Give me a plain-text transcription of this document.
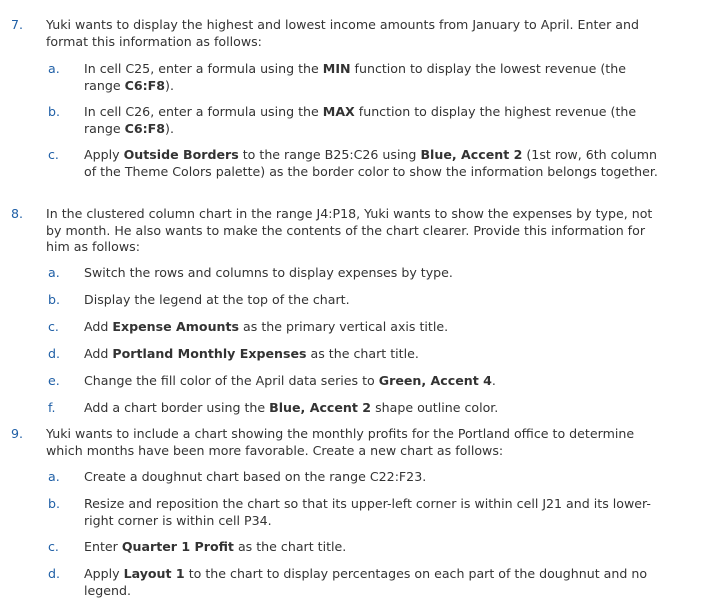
7. Yuki wants to display the highest and lowest income amounts from January to April. Enter and format this information as follows:
a. In cell C25, enter a formula using the MIN function to display the lowest revenue (the range C6:F8).
b. In cell C26, enter a formula using the MAX function to display the highest revenue (the range C6:F8).
c. Apply Outside Borders to the range B25:C26 using Blue, Accent 2 (1st row, 6th column of the Theme Colors palette) as the border color to show the information belongs together.
8. In the clustered column chart in the range J4:P18, Yuki wants to show the expenses by type, not by month. He also wants to make the contents of the chart clearer. Provide this information for him as follows:
a. Switch the rows and columns to display expenses by type.
b. Display the legend at the top of the chart.
c. Add Expense Amounts as the primary vertical axis title.
d. Add Portland Monthly Expenses as the chart title.
e. Change the fill color of the April data series to Green, Accent 4.
f. Add a chart border using the Blue, Accent 2 shape outline color.
9. Yuki wants to include a chart showing the monthly profits for the Portland office to determine which months have been more favorable. Create a new chart as follows:
a. Create a doughnut chart based on the range C22:F23.
b. Resize and reposition the chart so that its upper-left corner is within cell J21 and its lower-right corner is within cell P34.
c. Enter Quarter 1 Profit as the chart title.
d. Apply Layout 1 to the chart to display percentages on each part of the doughnut and no legend.
